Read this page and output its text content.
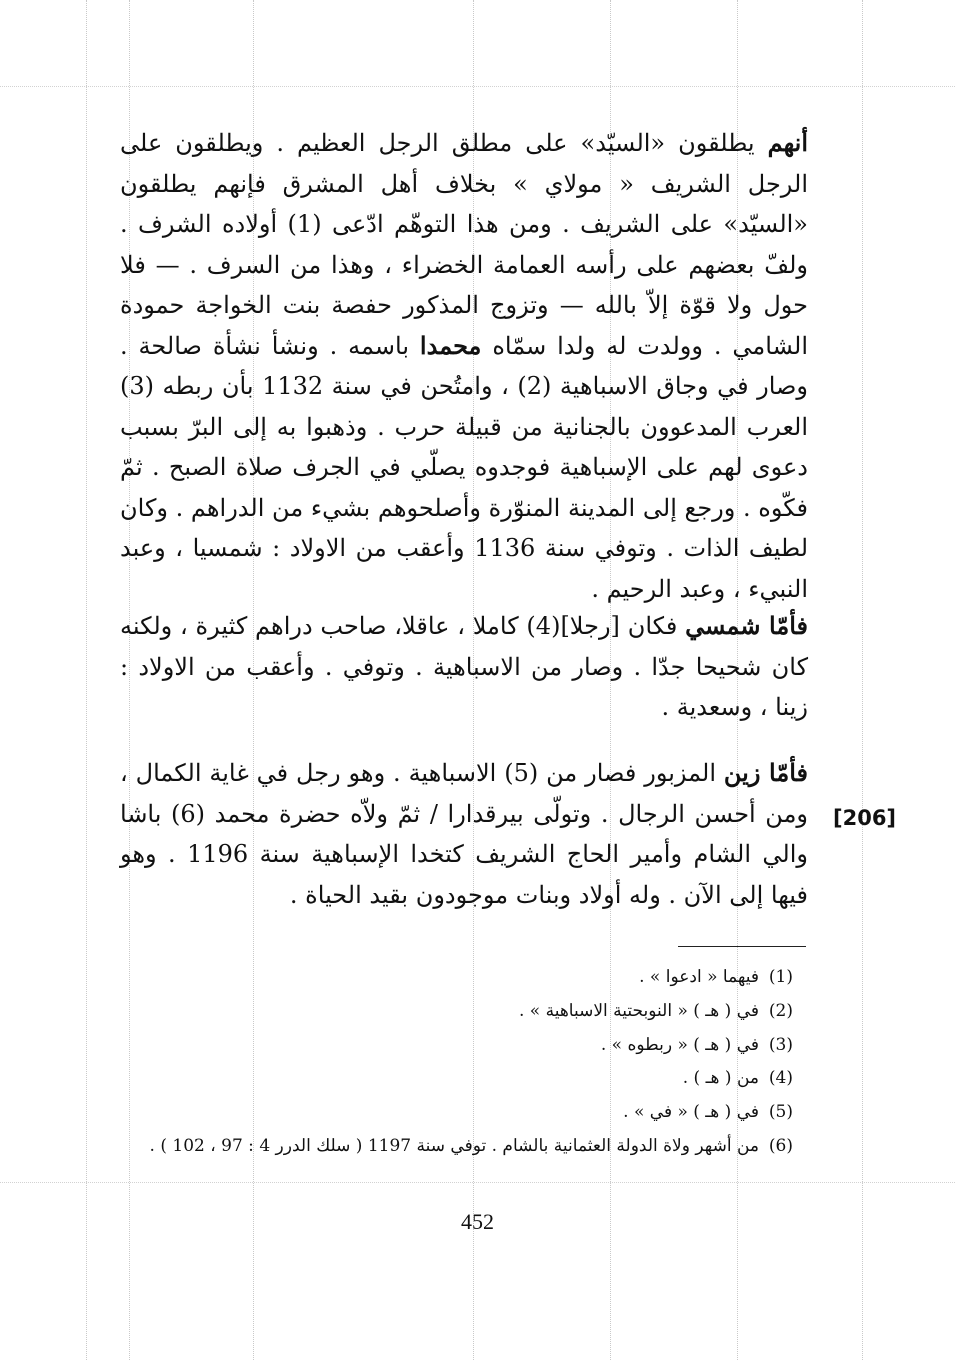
أنهم يطلقون «السيّد» على مطلق الرجل العظيم . ويطلقون على الرجل الشريف « مولاي » بخلاف أهل المشرق فإنهم يطلقون «السيّد» على الشريف . ومن هذا التوهّم ادّعى (1) أولاده الشرف . ولفّ بعضهم على رأسه العمامة الخضراء ، وهذا من السرف . — فلا حول ولا قوّة إلاّ بالله — وتزوج المذكور حفصة بنت الخواجة حمودة الشامي . وولدت له ولدا سمّاه محمدا باسمه . ونشأ نشأة صالحة . وصار في وجاق الاسباهية (2) ، وامتُحن في سنة 1132 بأن ربطه (3) العرب المدعوون بالجنانية من قبيلة حرب . وذهبوا به إلى البرّ بسبب دعوى لهم على الإسباهية فوجدوه يصلّي في الجرف صلاة الصبح . ثمّ فكّوه . ورجع إلى المدينة المنوّرة وأصلحوهم بشيء من الدراهم . وكان لطيف الذات . وتوفي سنة 1136 وأعقب من الاولاد : شمسيا ، وعبد النبيء ، وعبد الرحيم .

فأمّا شمسي فكان [رجلا](4) كاملا ، عاقلا، صاحب دراهم كثيرة ، ولكنه كان شحيحا جدّا . وصار من الاسباهية . وتوفي . وأعقب من الاولاد : زينا ، وسعدية .

فأمّا زين المزبور فصار من (5) الاسباهية . وهو رجل في غاية الكمال ، ومن أحسن الرجال . وتولّى بيرقدارا / ثمّ ولاّه حضرة محمد (6) باشا والي الشام وأمير الحاج الشريف كتخدا الإسباهية سنة 1196 . وهو فيها إلى الآن . وله أولاد وبنات موجودون بقيد الحياة .

[206]
(1)
فيهما « ادعوا » .
(2)
في ( هـ ) « النوبحتية الاسباهية » .
(3)
في ( هـ ) « ربطوه » .
(4)
من ( هـ ) .
(5)
في ( هـ ) « في » .
(6)
من أشهر ولاة الدولة العثمانية بالشام . توفي سنة 1197 ( سلك الدرر 4 : 97 ، 102 ) .
452
